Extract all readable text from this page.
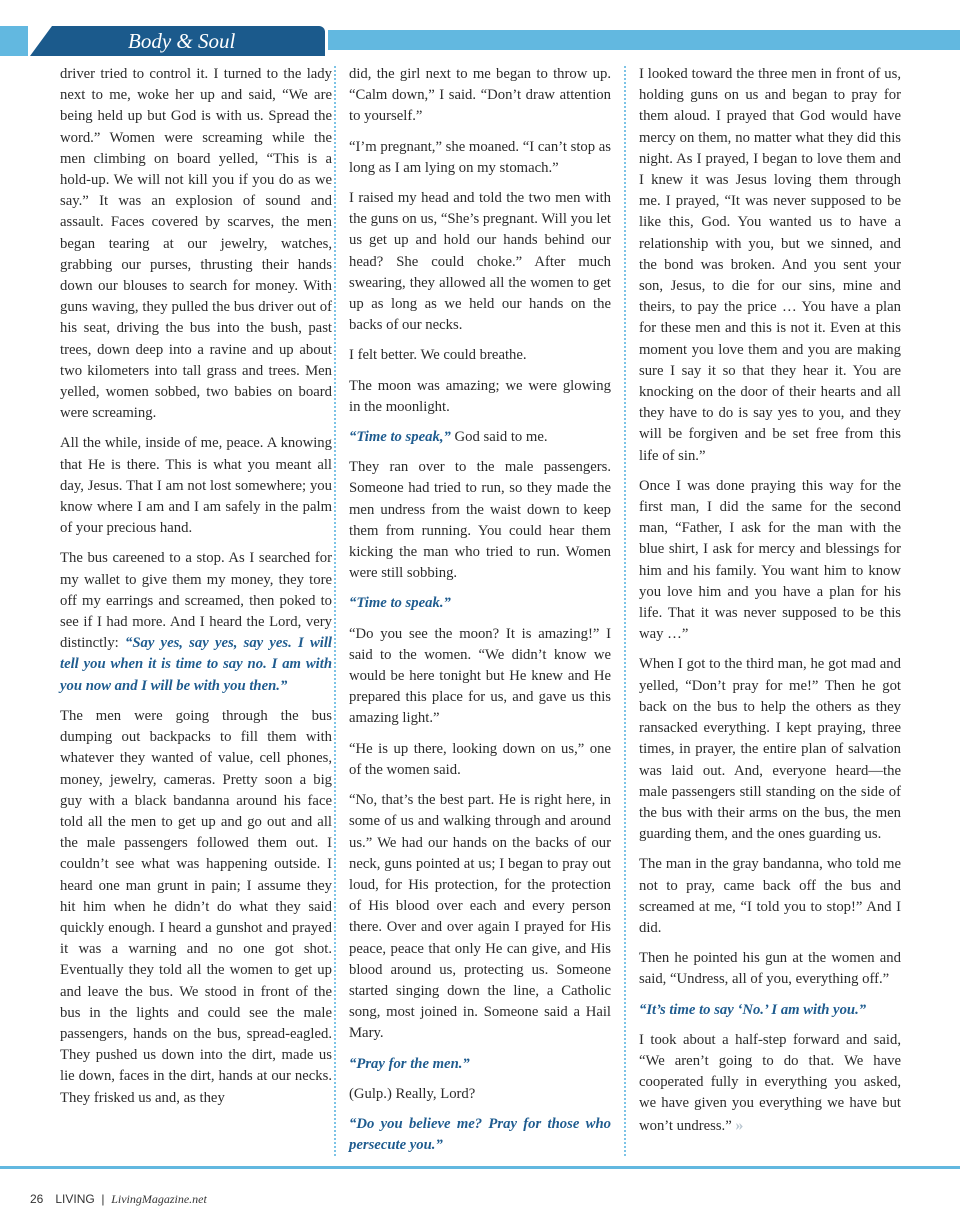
Body & Soul

driver tried to control it. I turned to the lady next to me, woke her up and said, “We are being held up but God is with us. Spread the word.” Women were screaming while the men climbing on board yelled, “This is a hold-up. We will not kill you if you do as we say.” It was an explosion of sound and assault. Faces covered by scarves, the men began tearing at our jewelry, watches, grabbing our purses, thrusting their hands down our blouses to search for money. With guns waving, they pulled the bus driver out of his seat, driving the bus into the bush, past trees, down deep into a ravine and up about two kilometers into tall grass and trees. Men yelled, women sobbed, two babies on board were screaming.

All the while, inside of me, peace. A knowing that He is there. This is what you meant all day, Jesus. That I am not lost somewhere; you know where I am and I am safely in the palm of your precious hand.

The bus careened to a stop. As I searched for my wallet to give them my money, they tore off my earrings and screamed, then poked to see if I had more. And I heard the Lord, very distinctly: “Say yes, say yes, say yes. I will tell you when it is time to say no. I am with you now and I will be with you then.”

The men were going through the bus dumping out backpacks to fill them with whatever they wanted of value, cell phones, money, jewelry, cameras. Pretty soon a big guy with a black bandanna around his face told all the men to get up and go out and all the male passengers followed them out. I couldn’t see what was happening outside. I heard one man grunt in pain; I assume they hit him when he didn’t do what they said quickly enough. I heard a gunshot and prayed it was a warning and no one got shot. Eventually they told all the women to get up and leave the bus. We stood in front of the bus in the lights and could see the male passengers, hands on the bus, spread-eagled. They pushed us down into the dirt, made us lie down, faces in the dirt, hands at our necks. They frisked us and, as they

did, the girl next to me began to throw up. “Calm down,” I said. “Don’t draw attention to yourself.”

“I’m pregnant,” she moaned. “I can’t stop as long as I am lying on my stomach.”

I raised my head and told the two men with the guns on us, “She’s pregnant. Will you let us get up and hold our hands behind our head? She could choke.” After much swearing, they allowed all the women to get up as long as we held our hands on the backs of our necks.

I felt better. We could breathe.

The moon was amazing; we were glowing in the moonlight.

“Time to speak,” God said to me.

They ran over to the male passengers. Someone had tried to run, so they made the men undress from the waist down to keep them from running. You could hear them kicking the man who tried to run. Women were still sobbing.

“Time to speak.”

“Do you see the moon? It is amazing!” I said to the women. “We didn’t know we would be here tonight but He knew and He prepared this place for us, and gave us this amazing light.”

“He is up there, looking down on us,” one of the women said.

“No, that’s the best part. He is right here, in some of us and walking through and around us.” We had our hands on the backs of our neck, guns pointed at us; I began to pray out loud, for His protection, for the protection of His blood over each and every person there. Over and over again I prayed for His peace, peace that only He can give, and His blood around us, protecting us. Someone started singing down the line, a Catholic song, most joined in. Someone said a Hail Mary.

“Pray for the men.”

(Gulp.) Really, Lord?

“Do you believe me? Pray for those who persecute you.”

I looked toward the three men in front of us, holding guns on us and began to pray for them aloud. I prayed that God would have mercy on them, no matter what they did this night. As I prayed, I began to love them and I knew it was Jesus loving them through me. I prayed, “It was never supposed to be like this, God. You wanted us to have a relationship with you, but we sinned, and the bond was broken. And you sent your son, Jesus, to die for our sins, mine and theirs, to pay the price … You have a plan for these men and this is not it. Even at this moment you love them and you are making sure I say it so that they hear it. You are knocking on the door of their hearts and all they have to do is say yes to you, and they will be forgiven and be set free from this life of sin.”

Once I was done praying this way for the first man, I did the same for the second man, “Father, I ask for the man with the blue shirt, I ask for mercy and blessings for him and his family. You want him to know you love him and you have a plan for his life. That it was never supposed to be this way …”

When I got to the third man, he got mad and yelled, “Don’t pray for me!” Then he got back on the bus to help the others as they ransacked everything. I kept praying, three times, in prayer, the entire plan of salvation was laid out. And, everyone heard—the male passengers still standing on the side of the bus with their arms on the bus, the men guarding them, and the ones guarding us.

The man in the gray bandanna, who told me not to pray, came back off the bus and screamed at me, “I told you to stop!” And I did.

Then he pointed his gun at the women and said, “Undress, all of you, everything off.”

“It’s time to say ‘No.’ I am with you.”

I took about a half-step forward and said, “We aren’t going to do that. We have cooperated fully in everything you asked, we have given you everything we have but won’t undress.” »

26 LIVING | LivingMagazine.net
